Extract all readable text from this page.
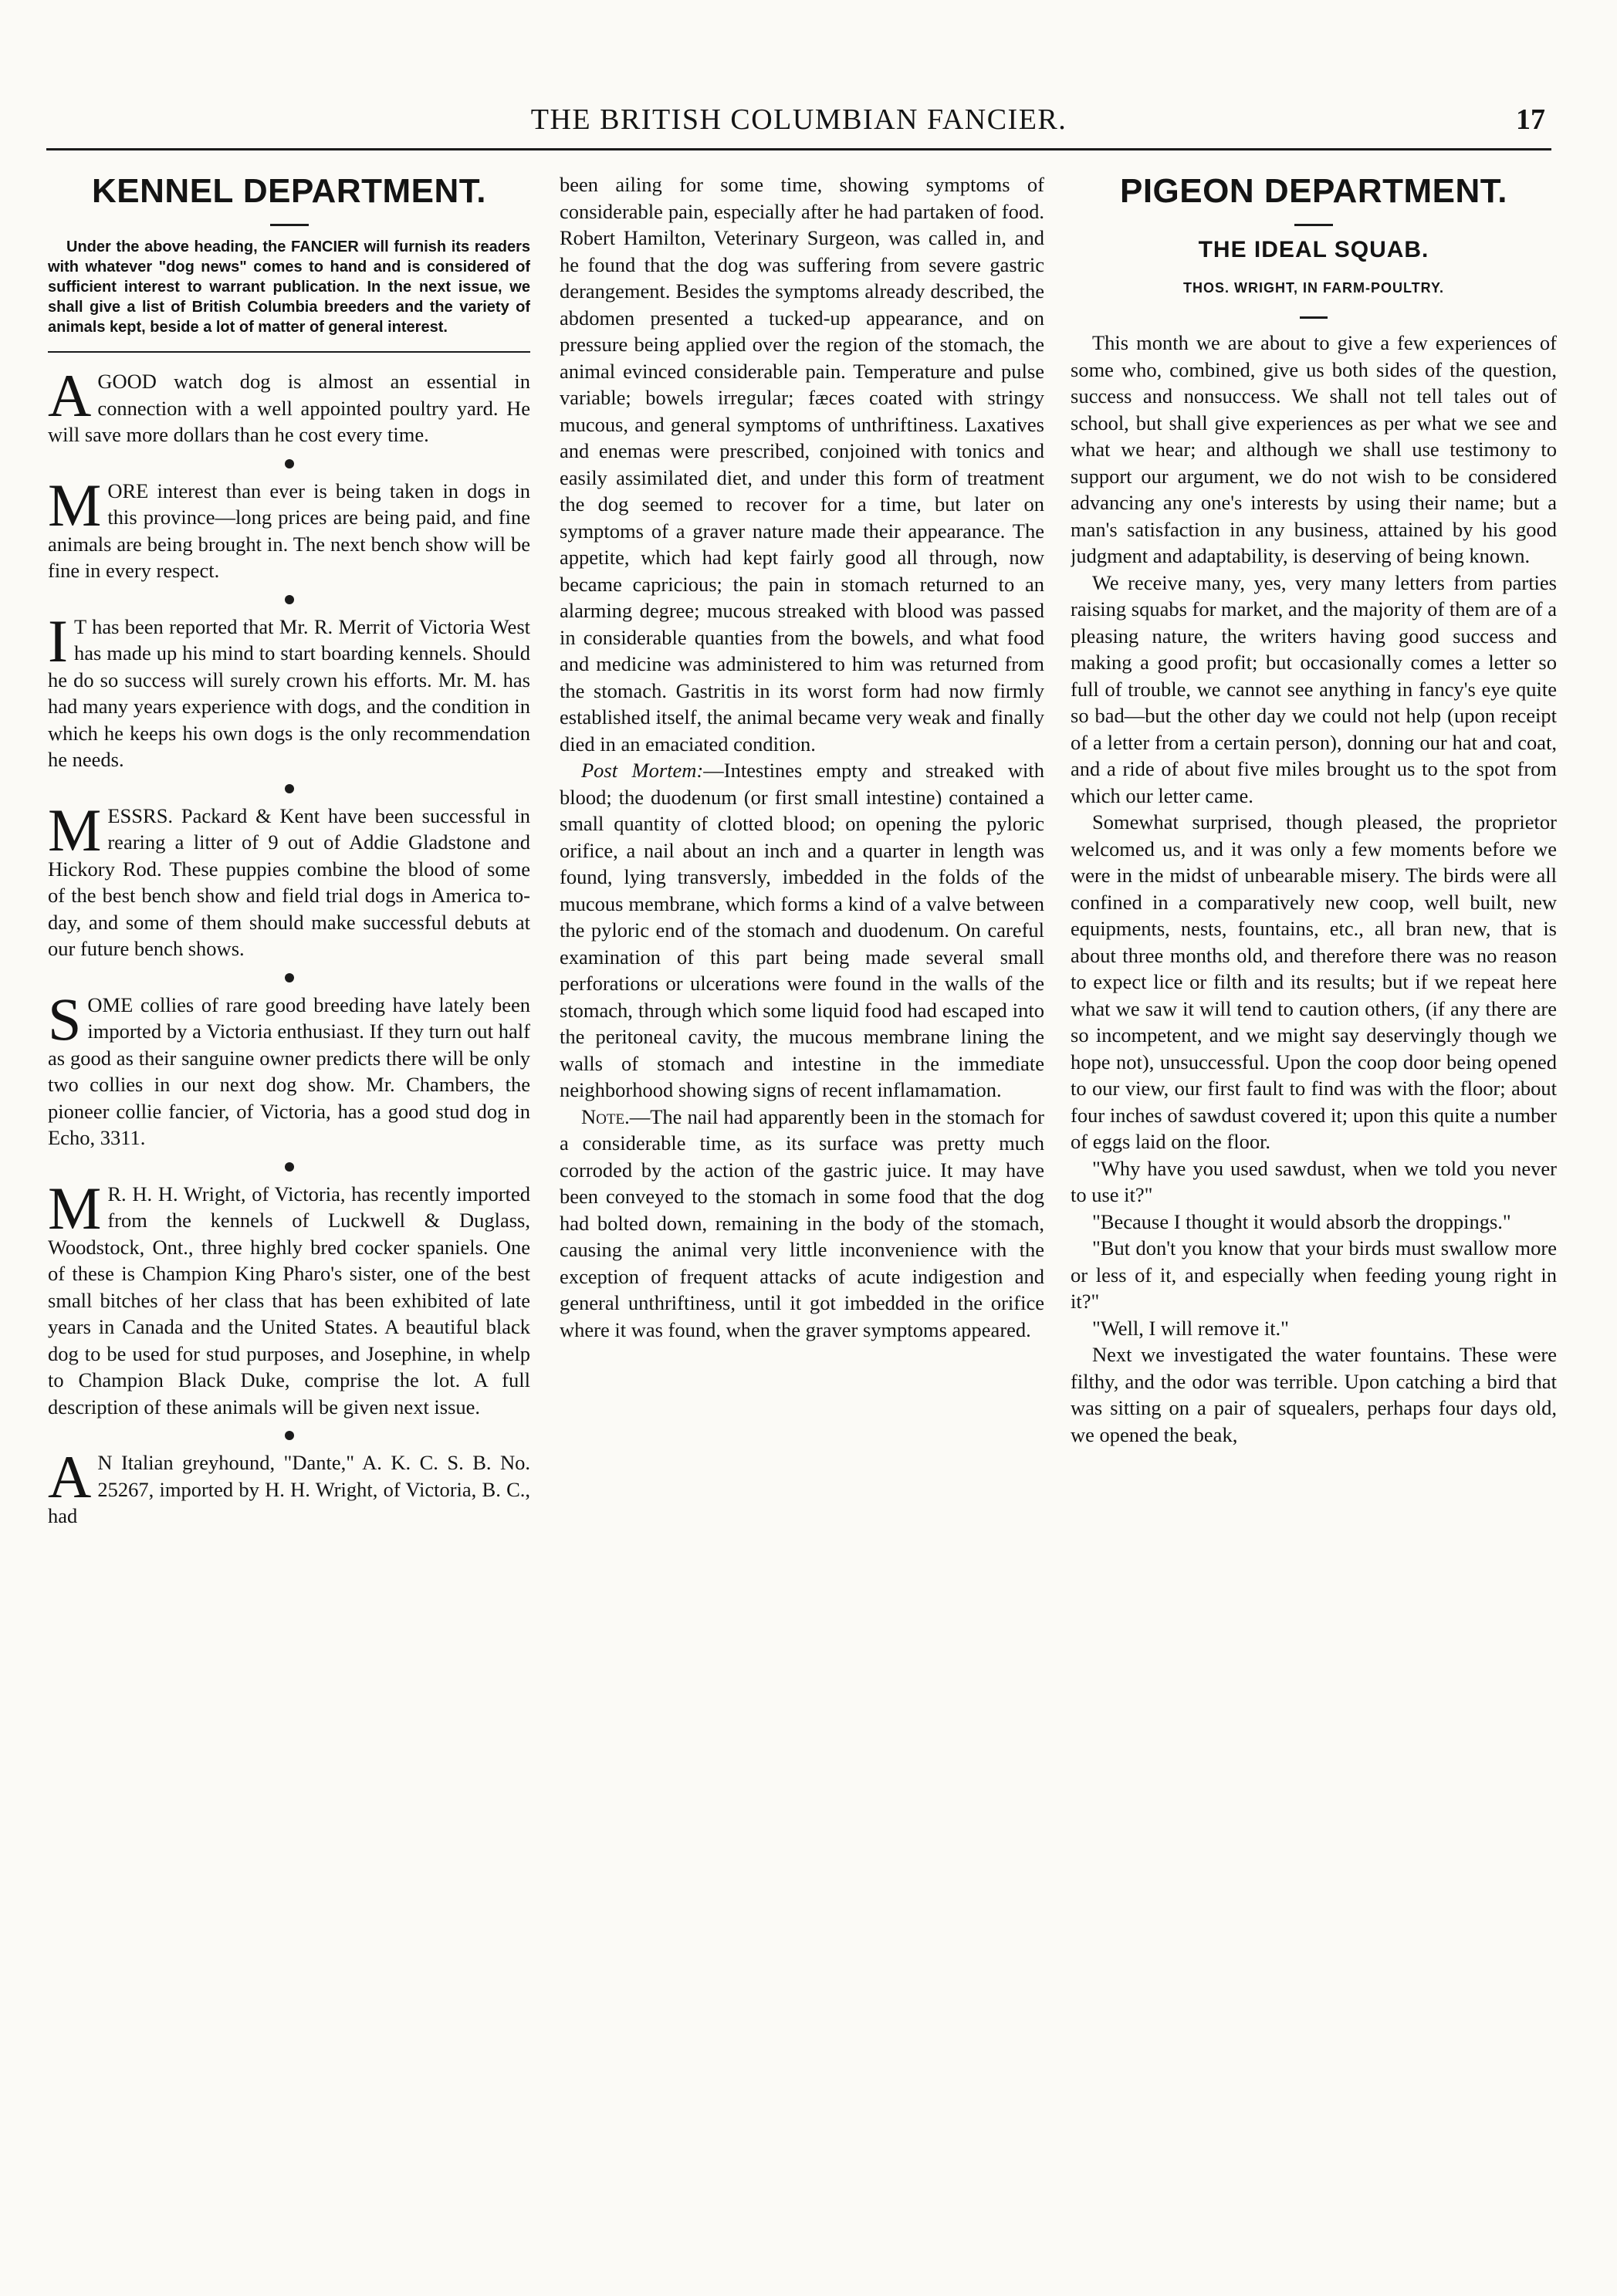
THE BRITISH COLUMBIAN FANCIER.	17
KENNEL DEPARTMENT.

Under the above heading, the FANCIER will furnish its readers with whatever "dog news" comes to hand and is considered of sufficient interest to warrant publication. In the next issue, we shall give a list of British Columbia breeders and the variety of animals kept, beside a lot of matter of general interest.

A GOOD watch dog is almost an essential in connection with a well appointed poultry yard. He will save more dollars than he cost every time.

MORE interest than ever is being taken in dogs in this province—long prices are being paid, and fine animals are being brought in. The next bench show will be fine in every respect.

I T has been reported that Mr. R. Merrit of Victoria West has made up his mind to start boarding kennels. Should he do so success will surely crown his efforts. Mr. M. has had many years experience with dogs, and the condition in which he keeps his own dogs is the only recommendation he needs.

MESSRS. Packard & Kent have been successful in rearing a litter of 9 out of Addie Gladstone and Hickory Rod. These puppies combine the blood of some of the best bench show and field trial dogs in America to-day, and some of them should make successful debuts at our future bench shows.

SOME collies of rare good breeding have lately been imported by a Victoria enthusiast. If they turn out half as good as their sanguine owner predicts there will be only two collies in our next dog show. Mr. Chambers, the pioneer collie fancier, of Victoria, has a good stud dog in Echo, 3311.

M R. H. H. Wright, of Victoria, has recently imported from the kennels of Luckwell & Duglass, Woodstock, Ont., three highly bred cocker spaniels. One of these is Champion King Pharo's sister, one of the best small bitches of her class that has been exhibited of late years in Canada and the United States. A beautiful black dog to be used for stud purposes, and Josephine, in whelp to Champion Black Duke, comprise the lot. A full description of these animals will be given next issue.

A N Italian greyhound, "Dante," A. K. C. S. B. No. 25267, imported by H. H. Wright, of Victoria, B. C., had

been ailing for some time, showing symptoms of considerable pain, especially after he had partaken of food. Robert Hamilton, Veterinary Surgeon, was called in, and he found that the dog was suffering from severe gastric derangement. Besides the symptoms already described, the abdomen presented a tucked-up appearance, and on pressure being applied over the region of the stomach, the animal evinced considerable pain. Temperature and pulse variable; bowels irregular; fæces coated with stringy mucous, and general symptoms of unthriftiness. Laxatives and enemas were prescribed, conjoined with tonics and easily assimilated diet, and under this form of treatment the dog seemed to recover for a time, but later on symptoms of a graver nature made their appearance. The appetite, which had kept fairly good all through, now became capricious; the pain in stomach returned to an alarming degree; mucous streaked with blood was passed in considerable quanties from the bowels, and what food and medicine was administered to him was returned from the stomach. Gastritis in its worst form had now firmly established itself, the animal became very weak and finally died in an emaciated condition.

Post Mortem:—Intestines empty and streaked with blood; the duodenum (or first small intestine) contained a small quantity of clotted blood; on opening the pyloric orifice, a nail about an inch and a quarter in length was found, lying transversly, imbedded in the folds of the mucous membrane, which forms a kind of a valve between the pyloric end of the stomach and duodenum. On careful examination of this part being made several small perforations or ulcerations were found in the walls of the stomach, through which some liquid food had escaped into the peritoneal cavity, the mucous membrane lining the walls of stomach and intestine in the immediate neighborhood showing signs of recent inflamamation.

Note.—The nail had apparently been in the stomach for a considerable time, as its surface was pretty much corroded by the action of the gastric juice. It may have been conveyed to the stomach in some food that the dog had bolted down, remaining in the body of the stomach, causing the animal very little inconvenience with the exception of frequent attacks of acute indigestion and general unthriftiness, until it got imbedded in the orifice where it was found, when the graver symptoms appeared.

PIGEON DEPARTMENT.
THE IDEAL SQUAB.
THOS. WRIGHT, IN FARM-POULTRY.

This month we are about to give a few experiences of some who, combined, give us both sides of the question, success and nonsuccess. We shall not tell tales out of school, but shall give experiences as per what we see and what we hear; and although we shall use testimony to support our argument, we do not wish to be considered advancing any one's interests by using their name; but a man's satisfaction in any business, attained by his good judgment and adaptability, is deserving of being known.

We receive many, yes, very many letters from parties raising squabs for market, and the majority of them are of a pleasing nature, the writers having good success and making a good profit; but occasionally comes a letter so full of trouble, we cannot see anything in fancy's eye quite so bad—but the other day we could not help (upon receipt of a letter from a certain person), donning our hat and coat, and a ride of about five miles brought us to the spot from which our letter came.

Somewhat surprised, though pleased, the proprietor welcomed us, and it was only a few moments before we were in the midst of unbearable misery. The birds were all confined in a comparatively new coop, well built, new equipments, nests, fountains, etc., all bran new, that is about three months old, and therefore there was no reason to expect lice or filth and its results; but if we repeat here what we saw it will tend to caution others, (if any there are so incompetent, and we might say deservingly though we hope not), unsuccessful. Upon the coop door being opened to our view, our first fault to find was with the floor; about four inches of sawdust covered it; upon this quite a number of eggs laid on the floor.

"Why have you used sawdust, when we told you never to use it?"

"Because I thought it would absorb the droppings."

"But don't you know that your birds must swallow more or less of it, and especially when feeding young right in it?"

"Well, I will remove it."

Next we investigated the water fountains. These were filthy, and the odor was terrible. Upon catching a bird that was sitting on a pair of squealers, perhaps four days old, we opened the beak,
